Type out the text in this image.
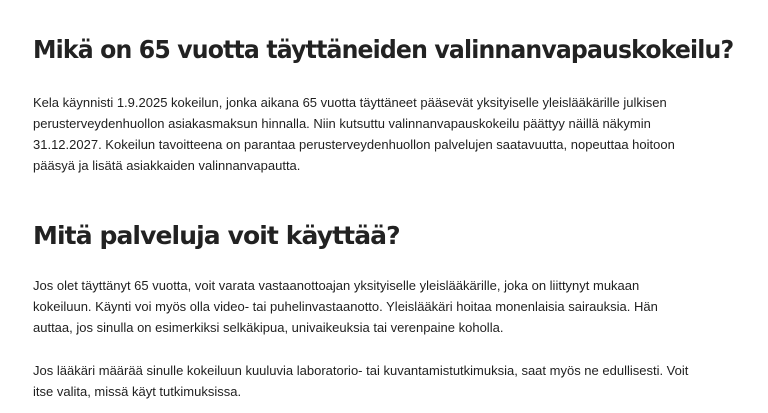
Mikä on 65 vuotta täyttäneiden valinnanvapauskokeilu?

Kela käynnisti 1.9.2025 kokeilun, jonka aikana 65 vuotta täyttäneet pääsevät yksityiselle yleislääkärille julkisen
perusterveydenhuollon asiakasmaksun hinnalla. Niin kutsuttu valinnanvapauskokeilu päättyy näillä näkymin
31.12.2027. Kokeilun tavoitteena on parantaa perusterveydenhuollon palvelujen saatavuutta, nopeuttaa hoitoon
pääsyä ja lisätä asiakkaiden valinnanvapautta.

Mitä palveluja voit käyttää?

Jos olet täyttänyt 65 vuotta, voit varata vastaanottoajan yksityiselle yleislääkärille, joka on liittynyt mukaan
kokeiluun. Käynti voi myös olla video- tai puhelinvastaanotto. Yleislääkäri hoitaa monenlaisia sairauksia. Hän
auttaa, jos sinulla on esimerkiksi selkäkipua, univaikeuksia tai verenpaine koholla.

Jos lääkäri määrää sinulle kokeiluun kuuluvia laboratorio- tai kuvantamistutkimuksia, saat myös ne edullisesti. Voit
itse valita, missä käyt tutkimuksissa.
